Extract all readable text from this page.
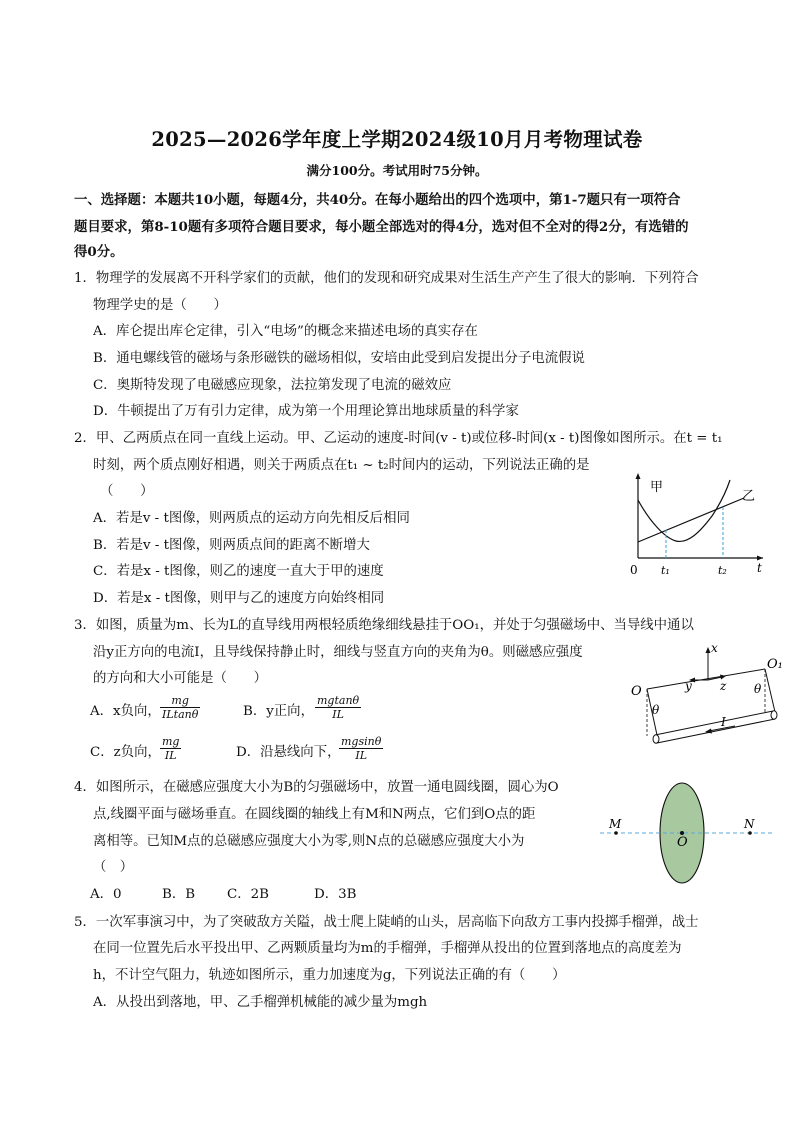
2025—2026学年度上学期2024级10月月考物理试卷
满分100分。考试用时75分钟。
一、选择题：本题共10小题，每题4分，共40分。在每小题给出的四个选项中，第1-7题只有一项符合
题目要求，第8-10题有多项符合题目要求，每小题全部选对的得4分，选对但不全对的得2分，有选错的
得0分。
1．物理学的发展离不开科学家们的贡献，他们的发现和研究成果对生活生产产生了很大的影响．下列符合
物理学史的是（　　）
A．库仑提出库仑定律，引入“电场”的概念来描述电场的真实存在
B．通电螺线管的磁场与条形磁铁的磁场相似，安培由此受到启发提出分子电流假说
C．奥斯特发现了电磁感应现象，法拉第发现了电流的磁效应
D．牛顿提出了万有引力定律，成为第一个用理论算出地球质量的科学家
2．甲、乙两质点在同一直线上运动。甲、乙运动的速度-时间(v - t)或位移-时间(x - t)图像如图所示。在t = t₁
时刻，两个质点刚好相遇，则关于两质点在t₁ ~ t₂时间内的运动，下列说法正确的是
（　　）
A．若是v - t图像，则两质点的运动方向先相反后相同
B．若是v - t图像，则两质点间的距离不断增大
C．若是x - t图像，则乙的速度一直大于甲的速度
D．若是x - t图像，则甲与乙的速度方向始终相同
甲
乙
0 t₁	t₂	t
3．如图，质量为m、长为L的直导线用两根轻质绝缘细线悬挂于OO₁，并处于匀强磁场中、当导线中通以
沿y正方向的电流I，且导线保持静止时，细线与竖直方向的夹角为θ。则磁感应强度
的方向和大小可能是（　　）
A．x负向， $\frac{mg}{ILtan\theta}$	B．y正向， $\frac{mgtan\theta}{IL}$
C．z负向， $\frac{mg}{IL}$	D．沿悬线向下，
$\frac{mgsin\theta}{IL}$
x
y z
O
O₁
θ
θ
I
4．如图所示，在磁感应强度大小为B的匀强磁场中，放置一通电圆线圈，圆心为O
点,线圈平面与磁场垂直。在圆线圈的轴线上有M和N两点，它们到O点的距
离相等。已知M点的总磁感应强度大小为零,则N点的总磁感应强度大小为
（　）
A．0	B．B C．2B	D．3B
M
O
N
5．一次军事演习中，为了突破敌方关隘，战士爬上陡峭的山头，居高临下向敌方工事内投掷手榴弹，战士
在同一位置先后水平投出甲、乙两颗质量均为m的手榴弹，手榴弹从投出的位置到落地点的高度差为
h，不计空气阻力，轨迹如图所示，重力加速度为g，下列说法正确的有（　　）
A．从投出到落地，甲、乙手榴弹机械能的减少量为mgh
